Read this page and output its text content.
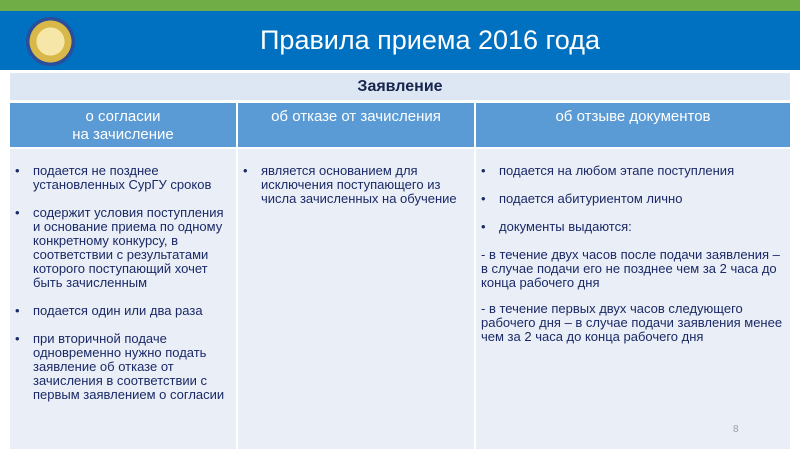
Правила приема 2016 года
Заявление
о согласии
на зачисление
об отказе от зачисления	об отзыве документов
• подается не позднее установленных СурГУ сроков
• содержит условия поступления и основание приема по одному конкретному конкурсу, в соответствии с результатами которого поступающий хочет быть зачисленным
• подается один или два раза
• при вторичной подаче одновременно нужно подать заявление об отказе от зачисления в соответствии с первым заявлением о согласии
• является основанием для исключения поступающего из числа зачисленных на обучение
• подается на любом этапе поступления
• подается абитуриентом лично
• документы выдаются:
- в течение двух часов после подачи заявления – в случае подачи его не позднее чем за 2 часа до конца рабочего дня
- в течение первых двух часов следующего рабочего дня – в случае подачи заявления менее чем за 2 часа до конца рабочего дня
8
